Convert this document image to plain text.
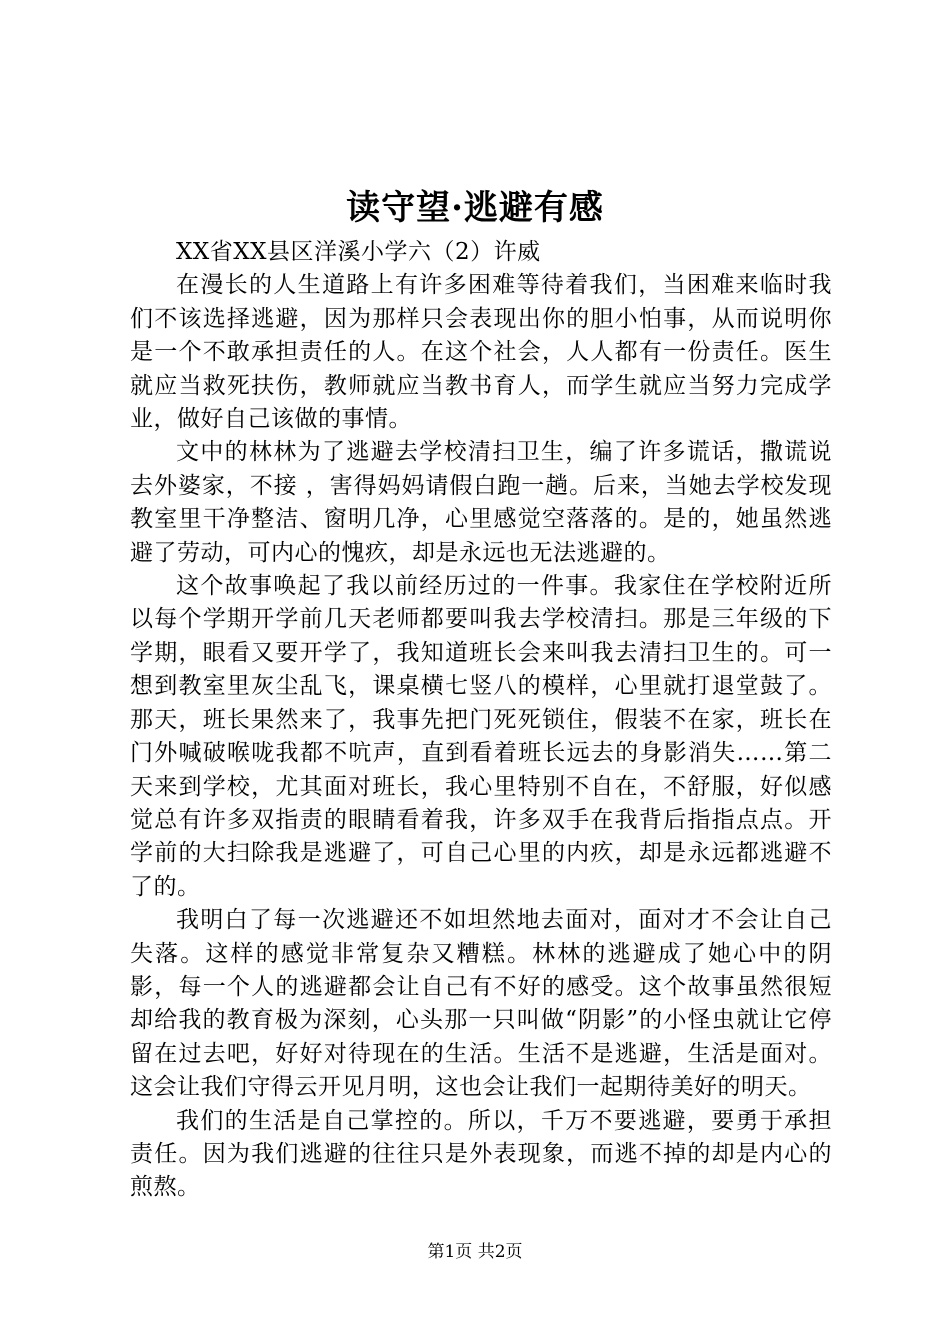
读守望·逃避有感
XX省XX县区洋溪小学六（2）许威

在漫长的人生道路上有许多困难等待着我们，当困难来临时我们不该选择逃避，因为那样只会表现出你的胆小怕事，从而说明你是一个不敢承担责任的人。在这个社会，人人都有一份责任。医生就应当救死扶伤，教师就应当教书育人，而学生就应当努力完成学业，做好自己该做的事情。

文中的林林为了逃避去学校清扫卫生，编了许多谎话，撒谎说去外婆家，不接 ，害得妈妈请假白跑一趟。后来，当她去学校发现教室里干净整洁、窗明几净，心里感觉空落落的。是的，她虽然逃避了劳动，可内心的愧疚，却是永远也无法逃避的。

这个故事唤起了我以前经历过的一件事。我家住在学校附近所以每个学期开学前几天老师都要叫我去学校清扫。那是三年级的下学期，眼看又要开学了，我知道班长会来叫我去清扫卫生的。可一想到教室里灰尘乱飞，课桌横七竖八的模样，心里就打退堂鼓了。那天，班长果然来了，我事先把门死死锁住，假装不在家，班长在门外喊破喉咙我都不吭声，直到看着班长远去的身影消失……第二天来到学校，尤其面对班长，我心里特别不自在，不舒服，好似感觉总有许多双指责的眼睛看着我，许多双手在我背后指指点点。开学前的大扫除我是逃避了，可自己心里的内疚，却是永远都逃避不了的。

我明白了每一次逃避还不如坦然地去面对，面对才不会让自己失落。这样的感觉非常复杂又糟糕。林林的逃避成了她心中的阴影，每一个人的逃避都会让自己有不好的感受。这个故事虽然很短却给我的教育极为深刻，心头那一只叫做“阴影”的小怪虫就让它停留在过去吧，好好对待现在的生活。生活不是逃避，生活是面对。这会让我们守得云开见月明，这也会让我们一起期待美好的明天。

我们的生活是自己掌控的。所以，千万不要逃避，要勇于承担责任。因为我们逃避的往往只是外表现象，而逃不掉的却是内心的煎熬。

第1页 共2页
